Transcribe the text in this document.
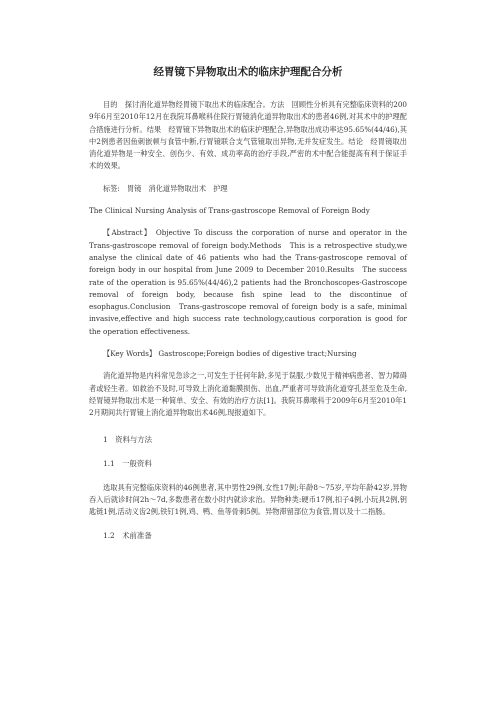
经胃镜下异物取出术的临床护理配合分析

目的　探讨消化道异物经胃镜下取出术的临床配合。方法　回顾性分析具有完整临床资料的2009年6月至2010年12月在我院耳鼻喉科住院行胃镜消化道异物取出术的患者46例,对其术中的护理配合措施进行分析。结果　经胃镜下异物取出术的临床护理配合,异物取出成功率达95.65%(44/46),其中2例患者因鱼刺嵌顿与食管中断,行胃镜联合支气管镜取出异物,无并发症发生。结论　经胃镜取出消化道异物是一种安全、创伤少、有效、成功率高的治疗手段,严密的术中配合能提高有利于保证手术的效果。

标签:　胃镜　消化道异物取出术　护理

The Clinical Nursing Analysis of Trans-gastroscope Removal of Foreign Body

【Abstract】 Objective To discuss the corporation of nurse and operator in the Trans-gastroscope removal of foreign body.Methods　This is a retrospective study,we analyse the clinical date of 46 patients who had the Trans-gastroscope removal of foreign body in our hospital from June 2009 to December 2010.Results　The success rate of the operation is 95.65%(44/46),2 patients had the Bronchoscopes-Gastroscope removal of foreign body, because fish spine lead to the discontinue of esophagus.Conclusion　Trans-gastroscope removal of foreign body is a safe, minimal invasive,effective and high success rate technology,cautious corporation is good for the operation effectiveness.

【Key Words】 Gastroscope;Foreign bodies of digestive tract;Nursing

消化道异物是内科常见急诊之一,可发生于任何年龄,多见于误服,少数见于精神病患者、智力障碍者或轻生者。如救治不及时,可导致上消化道黏膜损伤、出血,严重者可导致消化道穿孔甚至危及生命,经胃镜异物取出术是一种简单、安全、有效的治疗方法[1]。我院耳鼻喉科于2009年6月至2010年12月期间共行胃镜上消化道异物取出术46例,现报道如下。

1　资料与方法
1.1　一般资料

选取具有完整临床资料的46例患者,其中男性29例,女性17例;年龄8～75岁,平均年龄42岁,异物吞入后就诊时间2h～7d,多数患者在数小时内就诊求治。异物种类:硬币17例,扣子4例,小玩具2例,钥匙链1例,活动义齿2例,铁钉1例,鸡、鸭、鱼等骨刺5例。异物滞留部位为食管,胃以及十二指肠。

1.2　术前准备
